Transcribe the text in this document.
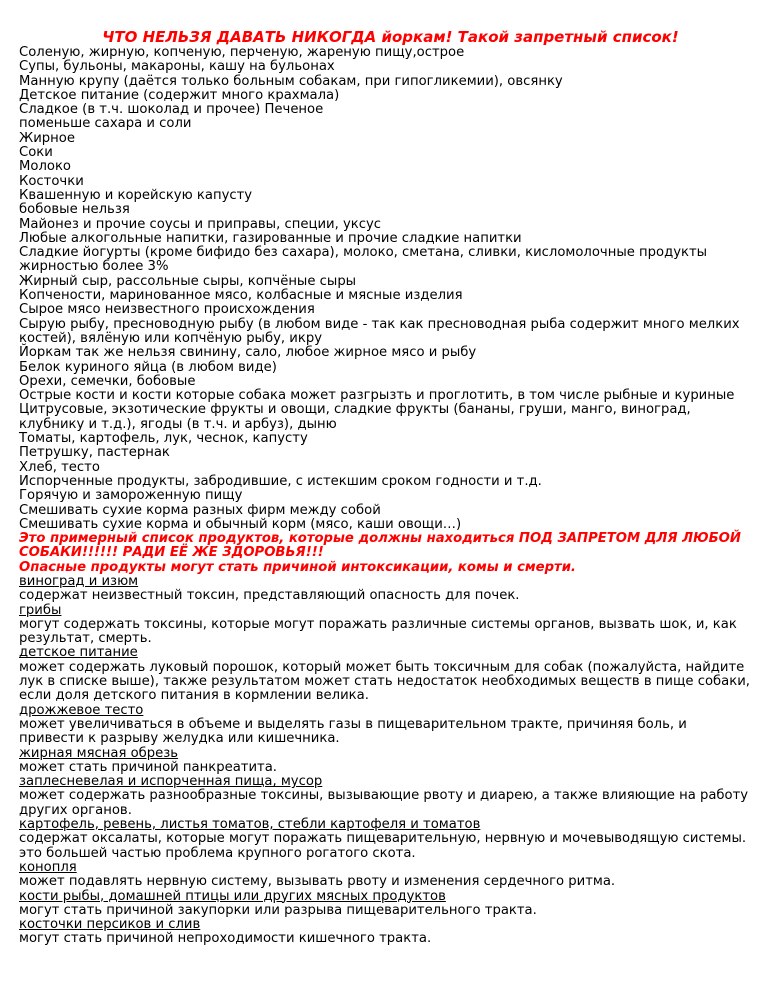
ЧТО НЕЛЬЗЯ ДАВАТЬ НИКОГДА йоркам! Такой запретный список!

Соленую, жирную, копченую, перченую, жареную пищу,острое

Супы, бульоны, макароны, кашу на бульонах

Манную крупу (даётся только больным собакам, при гипогликемии), овсянку

Детское питание (содержит много крахмала)

Сладкое (в т.ч. шоколад и прочее) Печеное

поменьше сахара и соли

Жирное

Соки

Молоко

Косточки

Квашенную и корейскую капусту

бобовые нельзя

Майонез и прочие соусы и приправы, специи, уксус

Любые алкогольные напитки, газированные и прочие сладкие напитки

Сладкие йогурты (кроме бифидо без сахара), молоко, сметана, сливки, кисломолочные продукты жирностью более 3%

Жирный сыр, рассольные сыры, копчёные сыры

Копчености, маринованное мясо, колбасные и мясные изделия

Сырое мясо неизвестного происхождения

Сырую рыбу, пресноводную рыбу (в любом виде - так как пресноводная рыба содержит много мелких костей), вялёную или копчёную рыбу, икру

Йоркам так же нельзя свинину, сало, любое жирное мясо и рыбу

Белок куриного яйца (в любом виде)

Орехи, семечки, бобовые

Острые кости и кости которые собака может разгрызть и проглотить, в том числе рыбные и куриные

Цитрусовые, экзотические фрукты и овощи, сладкие фрукты (бананы, груши, манго, виноград, клубнику и т.д.), ягоды (в т.ч. и арбуз), дыню

Томаты, картофель, лук, чеснок, капусту

Петрушку, пастернак

Хлеб, тесто

Испорченные продукты, забродившие, с истекшим сроком годности и т.д.

Горячую и замороженную пищу

Смешивать сухие корма разных фирм между собой

Смешивать сухие корма и обычный корм (мясо, каши овощи…)

Это примерный список продуктов, которые должны находиться ПОД ЗАПРЕТОМ ДЛЯ ЛЮБОЙ СОБАКИ!!!!!! РАДИ ЕЁ ЖЕ ЗДОРОВЬЯ!!!

Опасные продукты могут стать причиной интоксикации, комы и смерти.

виноград и изюм

содержат неизвестный токсин, представляющий опасность для почек.

грибы

могут содержать токсины, которые могут поражать различные системы органов, вызвать шок, и, как результат, смерть.

детское питание

может содержать луковый порошок, который может быть токсичным для собак (пожалуйста, найдите лук в списке выше), также результатом может стать недостаток необходимых веществ в пище собаки, если доля детского питания в кормлении велика.

дрожжевое тесто

может увеличиваться в объеме и выделять газы в пищеварительном тракте, причиняя боль, и привести к разрыву желудка или кишечника.

жирная мясная обрезь

может стать причиной панкреатита.

заплесневелая и испорченная пища, мусор

может содержать разнообразные токсины, вызывающие рвоту и диарею, а также влияющие на работу других органов.

картофель, ревень, листья томатов, стебли картофеля и томатов

содержат оксалаты, которые могут поражать пищеварительную, нервную и мочевыводящую системы. это большей частью проблема крупного рогатого скота.

конопля

может подавлять нервную систему, вызывать рвоту и изменения сердечного ритма.

кости рыбы, домашней птицы или других мясных продуктов

могут стать причиной закупорки или разрыва пищеварительного тракта.

косточки персиков и слив

могут стать причиной непроходимости кишечного тракта.
